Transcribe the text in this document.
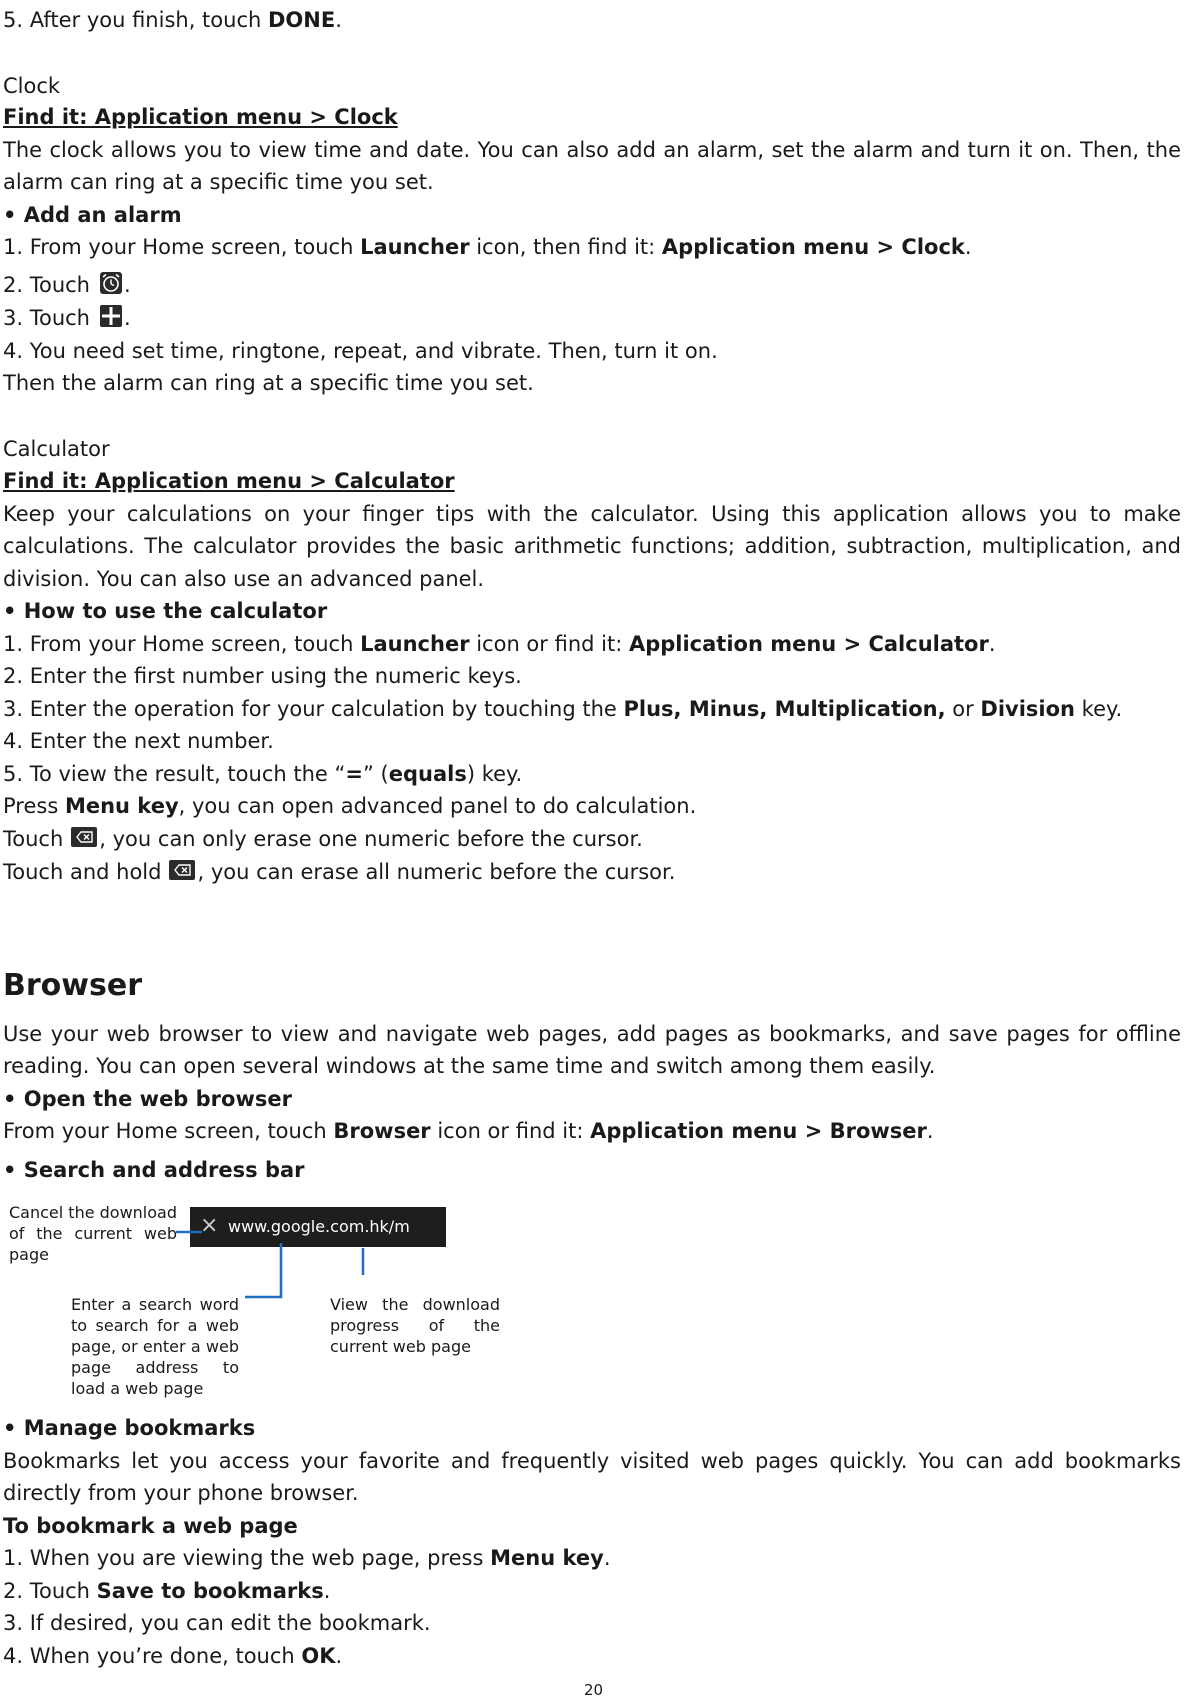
5. After you finish, touch DONE.
Clock
Find it: Application menu > Clock
The clock allows you to view time and date. You can also add an alarm, set the alarm and turn it on. Then, the
alarm can ring at a specific time you set.
• Add an alarm
1. From your Home screen, touch Launcher icon, then find it: Application menu > Clock.
2. Touch .
3. Touch .
4. You need set time, ringtone, repeat, and vibrate. Then, turn it on.
Then the alarm can ring at a specific time you set.
Calculator
Find it: Application menu > Calculator
Keep your calculations on your finger tips with the calculator. Using this application allows you to make
calculations. The calculator provides the basic arithmetic functions; addition, subtraction, multiplication, and
division. You can also use an advanced panel.
• How to use the calculator
1. From your Home screen, touch Launcher icon or find it: Application menu > Calculator.
2. Enter the first number using the numeric keys.
3. Enter the operation for your calculation by touching the Plus, Minus, Multiplication, or Division key.
4. Enter the next number.
5. To view the result, touch the “=” (equals) key.
Press Menu key, you can open advanced panel to do calculation.
Touch , you can only erase one numeric before the cursor.
Touch and hold , you can erase all numeric before the cursor.
Browser
Use your web browser to view and navigate web pages, add pages as bookmarks, and save pages for offline
reading. You can open several windows at the same time and switch among them easily.
• Open the web browser
From your Home screen, touch Browser icon or find it: Application menu > Browser.
• Search and address bar
Cancel the download of the current web page
Enter a search word to search for a web page, or enter a web page address to load a web page
View the download progress of the current web page
• Manage bookmarks
Bookmarks let you access your favorite and frequently visited web pages quickly. You can add bookmarks
directly from your phone browser.
To bookmark a web page
1. When you are viewing the web page, press Menu key.
2. Touch Save to bookmarks.
3. If desired, you can edit the bookmark.
4. When you’re done, touch OK.
× www.google.com.hk/m
20
